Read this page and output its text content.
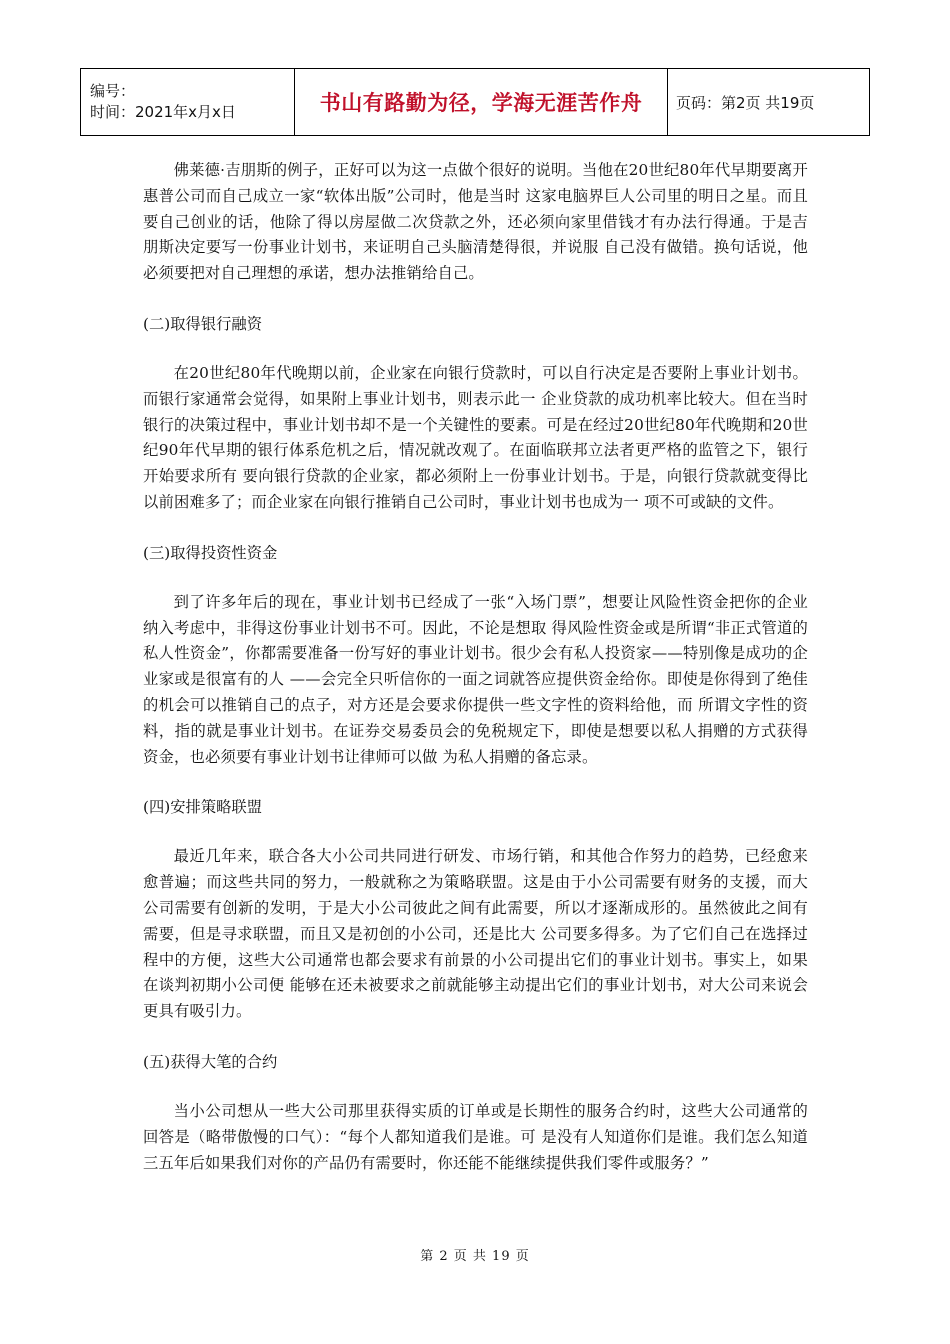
编号：
时间：2021年x月x日	书山有路勤为径，学海无涯苦作舟	页码：第2页 共19页

佛莱德·吉朋斯的例子，正好可以为这一点做个很好的说明。当他在20世纪80年代早期要离开惠普公司而自己成立一家“软体出版”公司时，他是当时 这家电脑界巨人公司里的明日之星。而且要自己创业的话，他除了得以房屋做二次贷款之外，还必须向家里借钱才有办法行得通。于是吉朋斯决定要写一份事业计划书，来证明自己头脑清楚得很，并说服 自己没有做错。换句话说，他必须要把对自己理想的承诺，想办法推销给自己。

(二)取得银行融资

在20世纪80年代晚期以前，企业家在向银行贷款时，可以自行决定是否要附上事业计划书。而银行家通常会觉得，如果附上事业计划书，则表示此一 企业贷款的成功机率比较大。但在当时银行的决策过程中，事业计划书却不是一个关键性的要素。可是在经过20世纪80年代晚期和20世纪90年代早期的银行体系危机之后，情况就改观了。在面临联邦立法者更严格的监管之下，银行开始要求所有 要向银行贷款的企业家，都必须附上一份事业计划书。于是，向银行贷款就变得比以前困难多了；而企业家在向银行推销自己公司时，事业计划书也成为一 项不可或缺的文件。

(三)取得投资性资金

到了许多年后的现在，事业计划书已经成了一张“入场门票”，想要让风险性资金把你的企业纳入考虑中，非得这份事业计划书不可。因此，不论是想取 得风险性资金或是所谓“非正式管道的私人性资金”，你都需要准备一份写好的事业计划书。很少会有私人投资家——特别像是成功的企业家或是很富有的人 ——会完全只听信你的一面之词就答应提供资金给你。即使是你得到了绝佳的机会可以推销自己的点子，对方还是会要求你提供一些文字性的资料给他，而 所谓文字性的资料，指的就是事业计划书。在证券交易委员会的免税规定下，即使是想要以私人捐赠的方式获得资金，也必须要有事业计划书让律师可以做 为私人捐赠的备忘录。

(四)安排策略联盟

最近几年来，联合各大小公司共同进行研发、市场行销，和其他合作努力的趋势，已经愈来愈普遍；而这些共同的努力，一般就称之为策略联盟。这是由于小公司需要有财务的支援，而大公司需要有创新的发明，于是大小公司彼此之间有此需要，所以才逐渐成形的。虽然彼此之间有需要，但是寻求联盟，而且又是初创的小公司，还是比大 公司要多得多。为了它们自己在选择过程中的方便，这些大公司通常也都会要求有前景的小公司提出它们的事业计划书。事实上，如果在谈判初期小公司便 能够在还未被要求之前就能够主动提出它们的事业计划书，对大公司来说会更具有吸引力。

(五)获得大笔的合约

当小公司想从一些大公司那里获得实质的订单或是长期性的服务合约时，这些大公司通常的回答是（略带傲慢的口气）：“每个人都知道我们是谁。可 是没有人知道你们是谁。我们怎么知道三五年后如果我们对你的产品仍有需要时，你还能不能继续提供我们零件或服务？”

第 2 页 共 19 页
